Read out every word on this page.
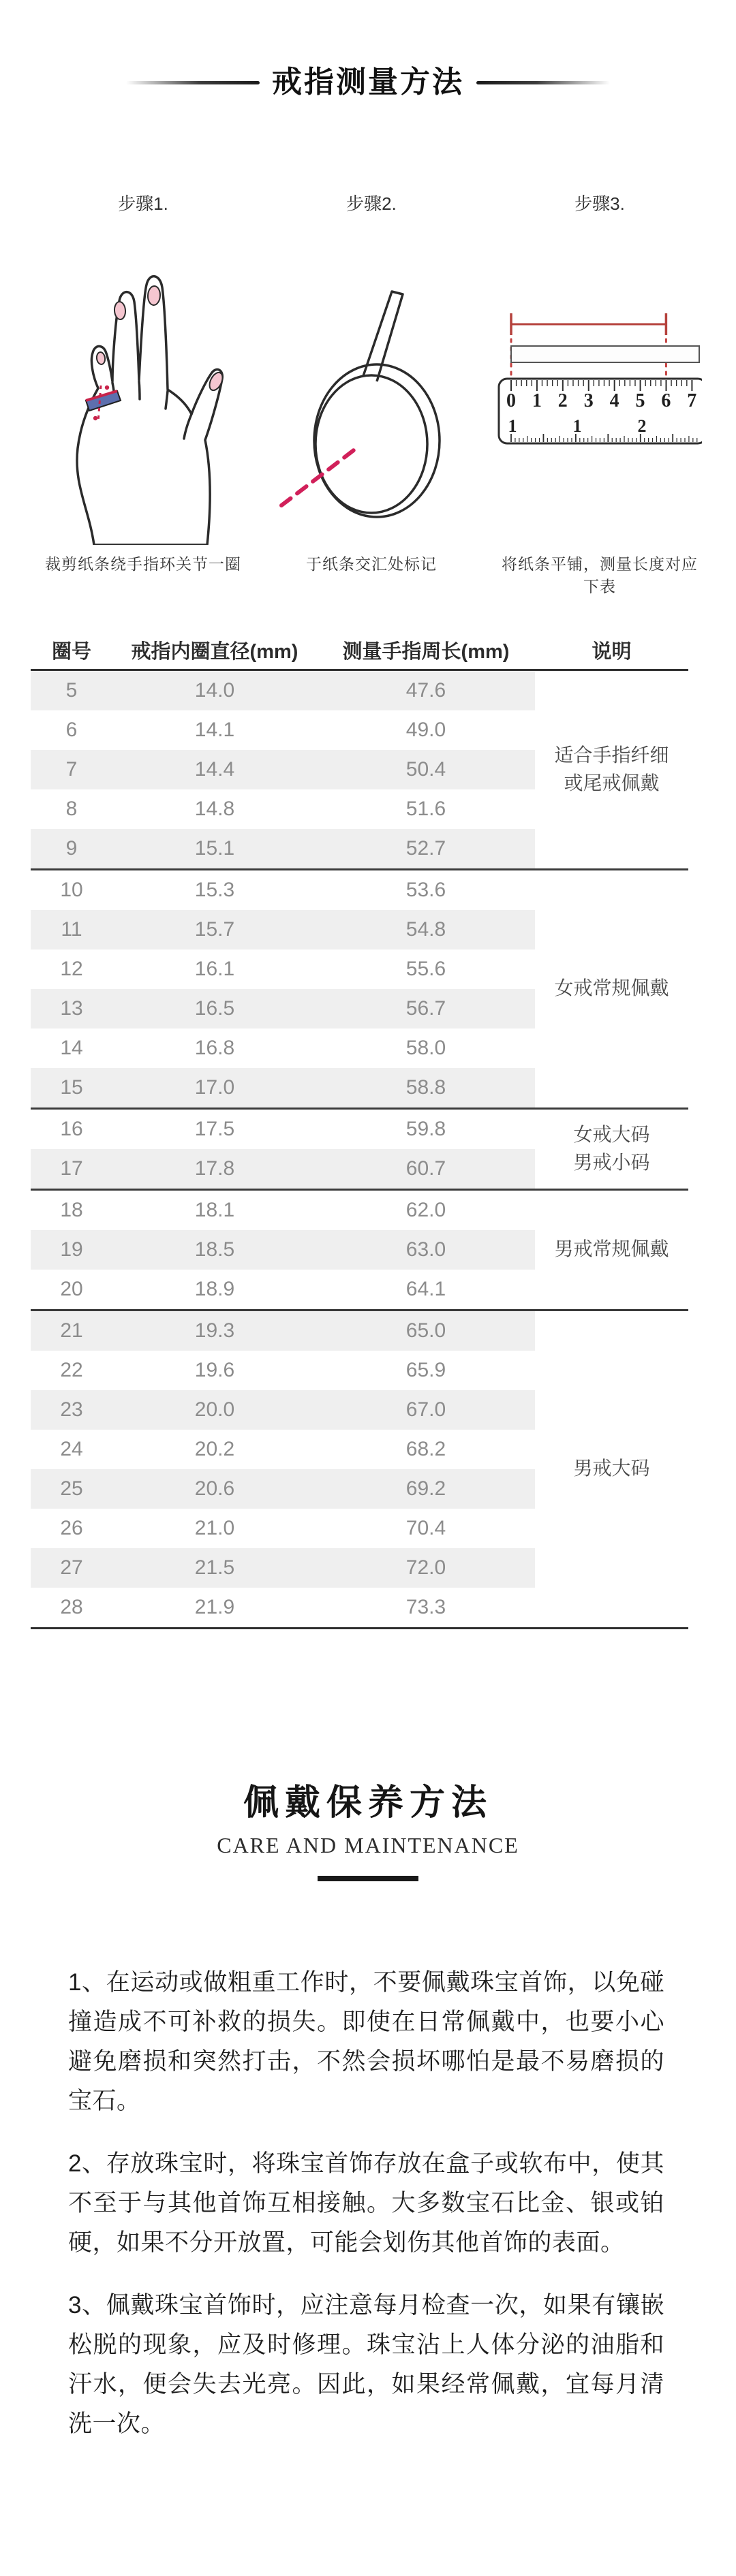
戒指测量方法
步骤1.	步骤2.	步骤3.
0 1 2 3 4 5 6 7
1	1	2
裁剪纸条绕手指环关节一圈	于纸条交汇处标记	将纸条平铺，测量长度对应下表
圈号	戒指内圈直径(mm)	测量手指周长(mm)	说明
5	14.0	47.6	适合手指纤细
或尾戒佩戴
6	14.1	49.0	
7	14.4	50.4	
8	14.8	51.6	
9	15.1	52.7	
10	15.3	53.6	女戒常规佩戴
11	15.7	54.8	
12	16.1	55.6	
13	16.5	56.7	
14	16.8	58.0	
15	17.0	58.8	
16	17.5	59.8	女戒大码
男戒小码
17	17.8	60.7	
18	18.1	62.0	男戒常规佩戴
19	18.5	63.0	
20	18.9	64.1	
21	19.3	65.0	男戒大码
22	19.6	65.9	
23	20.0	67.0	
24	20.2	68.2	
25	20.6	69.2	
26	21.0	70.4	
27	21.5	72.0	
28	21.9	73.3	
佩戴保养方法
CARE AND MAINTENANCE

1、在运动或做粗重工作时，不要佩戴珠宝首饰，以免碰撞造成不可补救的损失。即使在日常佩戴中，也要小心避免磨损和突然打击，不然会损坏哪怕是最不易磨损的宝石。

2、存放珠宝时，将珠宝首饰存放在盒子或软布中，使其不至于与其他首饰互相接触。大多数宝石比金、银或铂硬，如果不分开放置，可能会划伤其他首饰的表面。

3、佩戴珠宝首饰时，应注意每月检查一次，如果有镶嵌松脱的现象，应及时修理。珠宝沾上人体分泌的油脂和汗水，便会失去光亮。因此，如果经常佩戴，宜每月清洗一次。
